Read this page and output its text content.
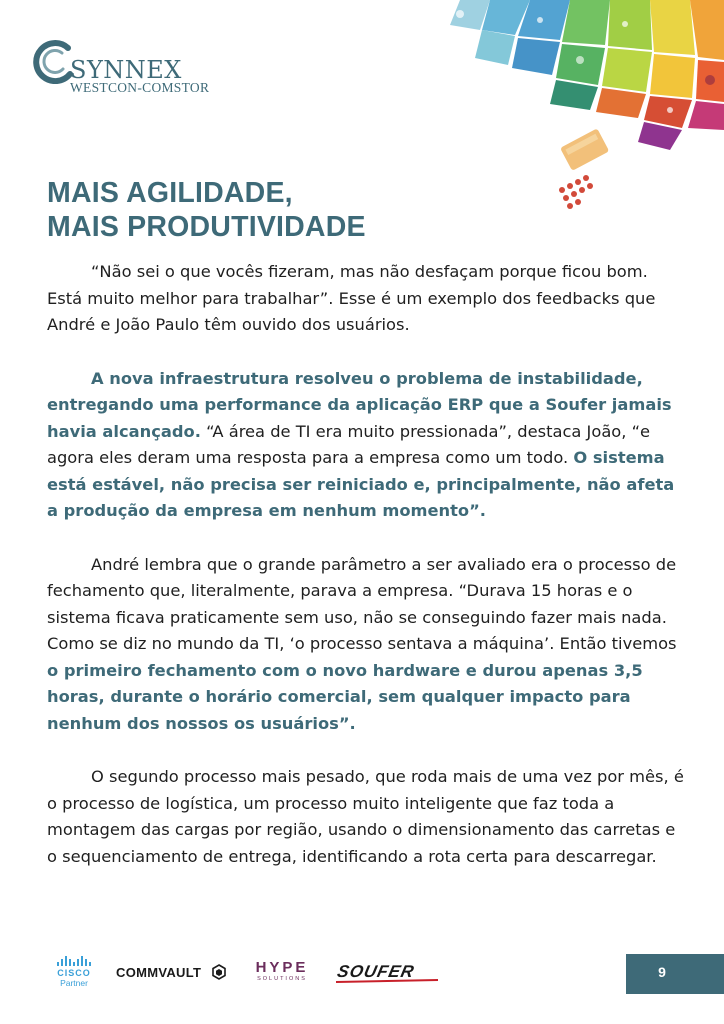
SYNNEX
WESTCON-COMSTOR
MAIS AGILIDADE,
MAIS PRODUTIVIDADE

“Não sei o que vocês fizeram, mas não desfaçam porque ficou bom. Está muito melhor para trabalhar”. Esse é um exemplo dos feedbacks que André e João Paulo têm ouvido dos usuários.

A nova infraestrutura resolveu o problema de instabilidade, entregando uma performance da aplicação ERP que a Soufer jamais havia alcançado. “A área de TI era muito pressionada”, destaca João, “e agora eles deram uma resposta para a empresa como um todo. O sistema está estável, não precisa ser reiniciado e, principalmente, não afeta a produção da empresa em nenhum momento”.

André lembra que o grande parâmetro a ser avaliado era o processo de fechamento que, literalmente, parava a empresa. “Durava 15 horas e o sistema ficava praticamente sem uso, não se conseguindo fazer mais nada. Como se diz no mundo da TI, ‘o processo sentava a máquina’. Então tivemos o primeiro fechamento com o novo hardware e durou apenas 3,5 horas, durante o horário comercial, sem qualquer impacto para nenhum dos nossos os usuários”.

O segundo processo mais pesado, que roda mais de uma vez por mês, é o processo de logística, um processo muito inteligente que faz toda a montagem das cargas por região, usando o dimensionamento das carretas e o sequenciamento de entrega, identificando a rota certa para descarregar.

CISCO
Partner
COMMVAULT	HYPE
SOLUTIONS	SOUFER	9
